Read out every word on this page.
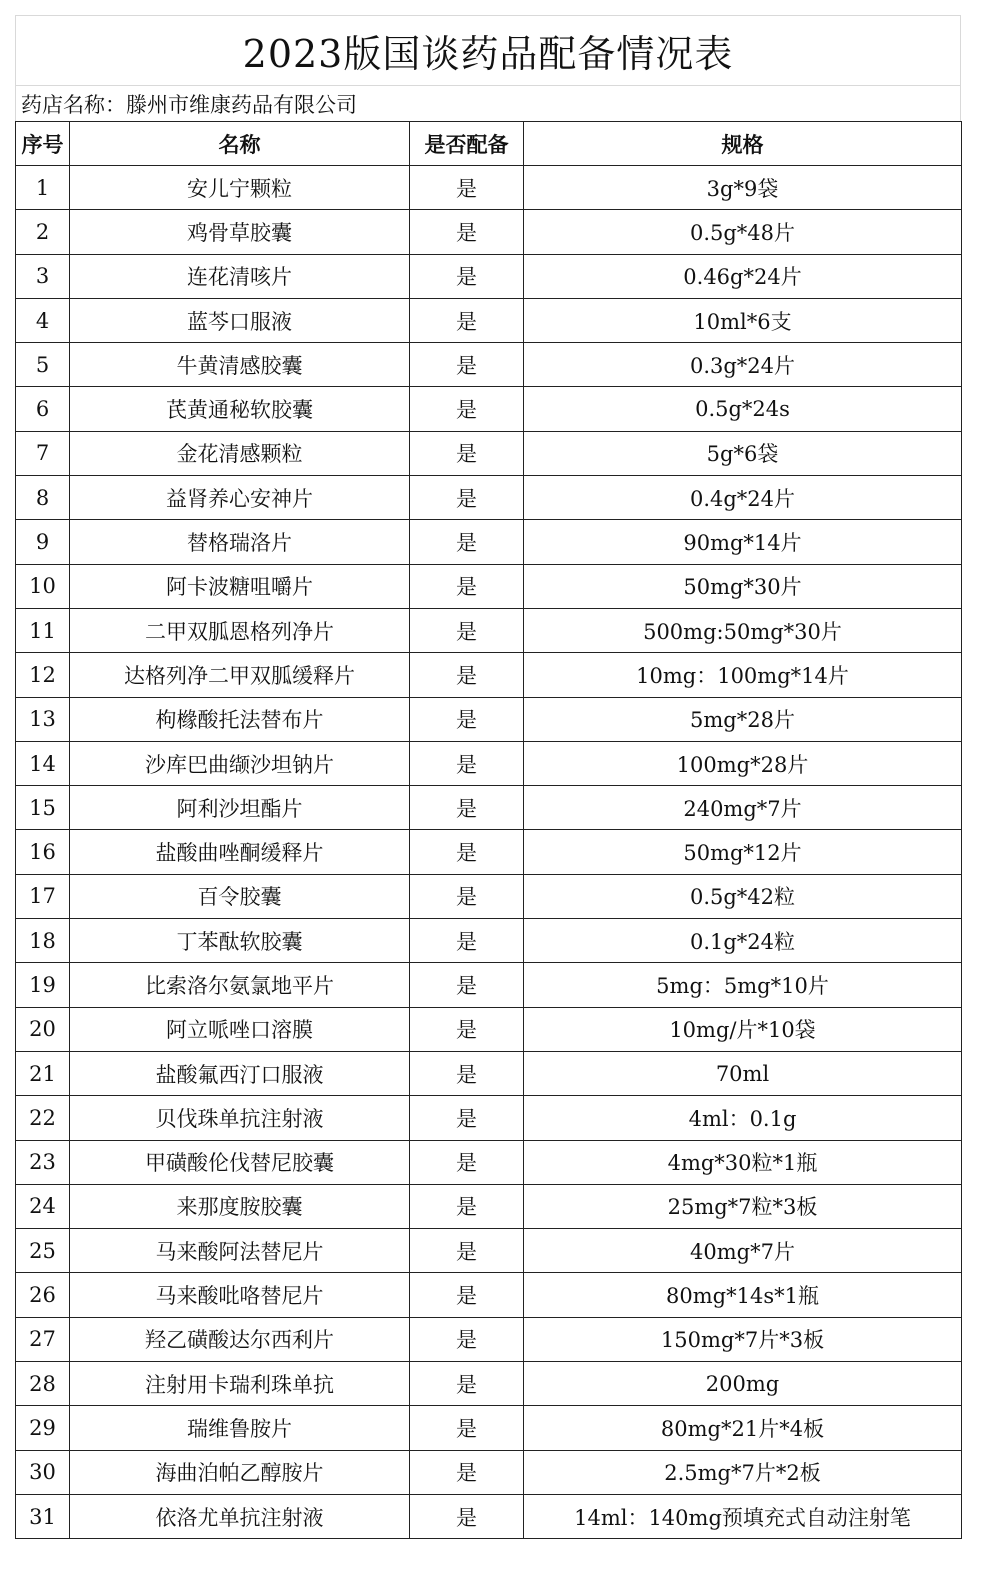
2023版国谈药品配备情况表
药店名称：滕州市维康药品有限公司
序号	名称	是否配备	规格
1	安儿宁颗粒	是	3g*9袋
2	鸡骨草胶囊	是	0.5g*48片
3	连花清咳片	是	0.46g*24片
4	蓝芩口服液	是	10ml*6支
5	牛黄清感胶囊	是	0.3g*24片
6	芪黄通秘软胶囊	是	0.5g*24s
7	金花清感颗粒	是	5g*6袋
8	益肾养心安神片	是	0.4g*24片
9	替格瑞洛片	是	90mg*14片
10	阿卡波糖咀嚼片	是	50mg*30片
11	二甲双胍恩格列净片	是	500mg:50mg*30片
12	达格列净二甲双胍缓释片	是	10mg：100mg*14片
13	枸橼酸托法替布片	是	5mg*28片
14	沙库巴曲缬沙坦钠片	是	100mg*28片
15	阿利沙坦酯片	是	240mg*7片
16	盐酸曲唑酮缓释片	是	50mg*12片
17	百令胶囊	是	0.5g*42粒
18	丁苯酞软胶囊	是	0.1g*24粒
19	比索洛尔氨氯地平片	是	5mg：5mg*10片
20	阿立哌唑口溶膜	是	10mg/片*10袋
21	盐酸氟西汀口服液	是	70ml
22	贝伐珠单抗注射液	是	4ml：0.1g
23	甲磺酸伦伐替尼胶囊	是	4mg*30粒*1瓶
24	来那度胺胶囊	是	25mg*7粒*3板
25	马来酸阿法替尼片	是	40mg*7片
26	马来酸吡咯替尼片	是	80mg*14s*1瓶
27	羟乙磺酸达尔西利片	是	150mg*7片*3板
28	注射用卡瑞利珠单抗	是	200mg
29	瑞维鲁胺片	是	80mg*21片*4板
30	海曲泊帕乙醇胺片	是	2.5mg*7片*2板
31	依洛尤单抗注射液	是	14ml：140mg预填充式自动注射笔
